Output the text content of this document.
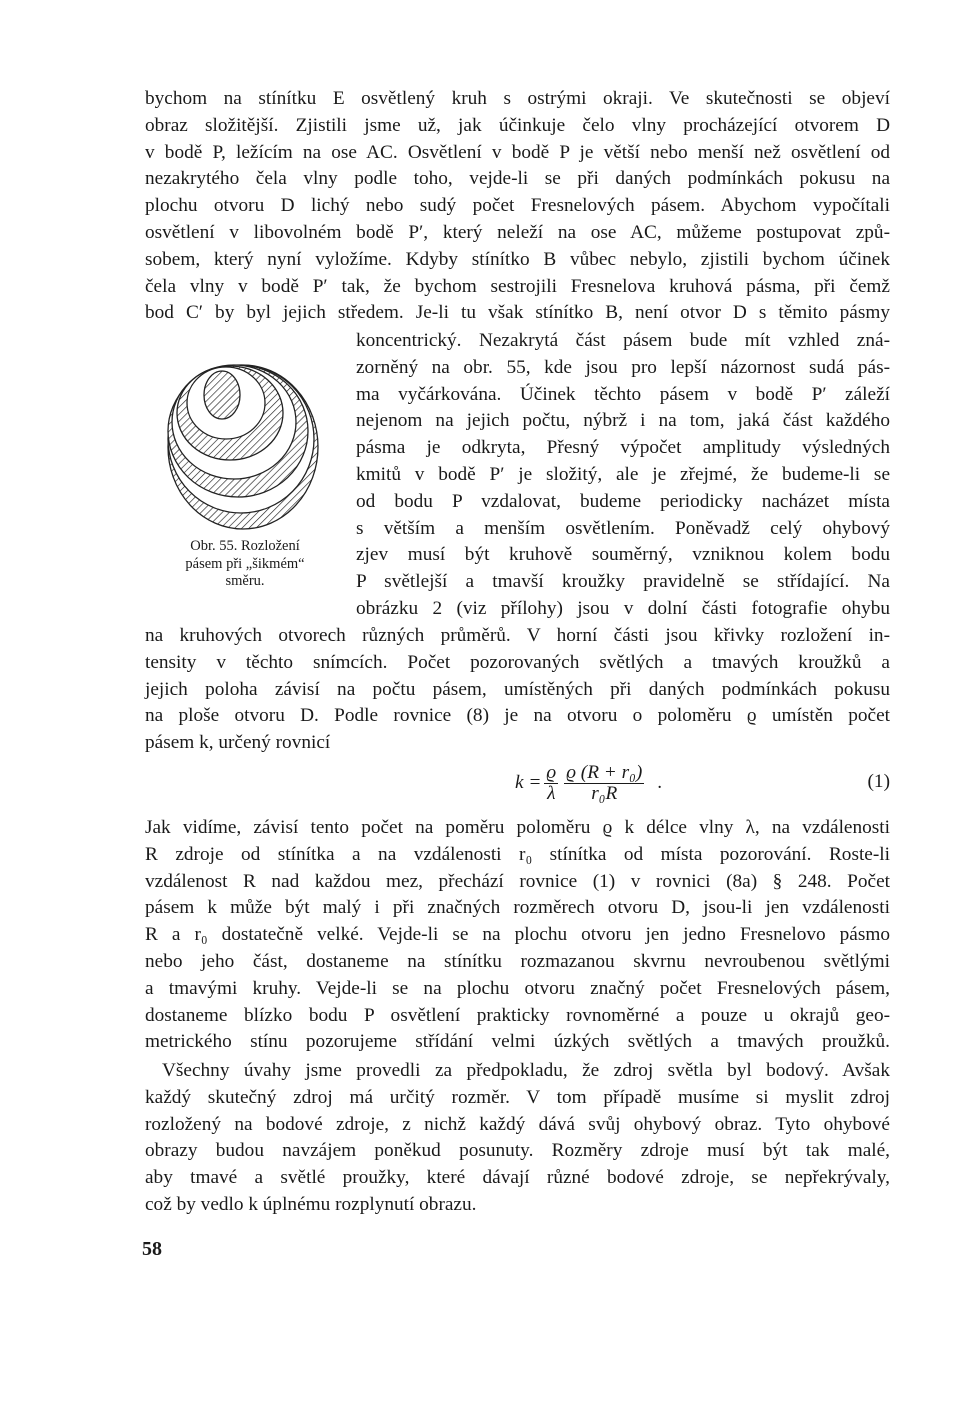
bychom na stínítku E osvětlený kruh s ostrými okraji. Ve skutečnosti se objeví
obraz složitější. Zjistili jsme už, jak účinkuje čelo vlny procházející otvorem D
v bodě P, ležícím na ose AC. Osvětlení v bodě P je větší nebo menší než osvětlení od
nezakrytého čela vlny podle toho, vejde-li se při daných podmínkách pokusu na
plochu otvoru D lichý nebo sudý počet Fresnelových pásem. Abychom vypočítali
osvětlení v libovolném bodě P′, který neleží na ose AC, můžeme postupovat způ-
sobem, který nyní vyložíme. Kdyby stínítko B vůbec nebylo, zjistili bychom účinek
čela vlny v bodě P′ tak, že bychom sestrojili Fresnelova kruhová pásma, při čemž
bod C′ by byl jejich středem. Je-li tu však stínítko B, není otvor D s těmito pásmy
koncentrický. Nezakrytá část pásem bude mít vzhled zná-
zorněný na obr. 55, kde jsou pro lepší názornost sudá pás-
ma vyčárkována. Účinek těchto pásem v bodě P′ záleží
nejenom na jejich počtu, nýbrž i na tom, jaká část každého
pásma je odkryta, Přesný výpočet amplitudy výsledných
kmitů v bodě P′ je složitý, ale je zřejmé, že budeme-li se
od bodu P vzdalovat, budeme periodicky nacházet místa
s větším a menším osvětlením. Poněvadž celý ohybový
zjev musí být kruhově souměrný, vzniknou kolem bodu
P světlejší a tmavší kroužky pravidelně se střídající. Na
obrázku 2 (viz přílohy) jsou v dolní části fotografie ohybu
Obr. 55. Rozložení
pásem při „šikmém“
směru.
na kruhových otvorech různých průměrů. V horní části jsou křivky rozložení in-
tensity v těchto snímcích. Počet pozorovaných světlých a tmavých kroužků a
jejich poloha závisí na počtu pásem, umístěných při daných podmínkách pokusu
na ploše otvoru D. Podle rovnice (8) je na otvoru o poloměru ϱ umístěn počet
pásem k, určený rovnicí
$k = \frac{ϱ}{\lambda} \frac{\text{ϱ (R + r₀)}}{\text{r₀R}}$ .	(1)
Jak vidíme, závisí tento počet na poměru poloměru ϱ k délce vlny λ, na vzdálenosti
R zdroje od stínítka a na vzdálenosti r₀ stínítka od místa pozorování. Roste-li
vzdálenost R nad každou mez, přechází rovnice (1) v rovnici (8a) § 248. Počet
pásem k může být malý i při značných rozměrech otvoru D, jsou-li jen vzdálenosti
R a r₀ dostatečně velké. Vejde-li se na plochu otvoru jen jedno Fresnelovo pásmo
nebo jeho část, dostaneme na stínítku rozmazanou skvrnu nevroubenou světlými
a tmavými kruhy. Vejde-li se na plochu otvoru značný počet Fresnelových pásem,
dostaneme blízko bodu P osvětlení prakticky rovnoměrné a pouze u okrajů geo-
metrického stínu pozorujeme střídání velmi úzkých světlých a tmavých proužků.
Všechny úvahy jsme provedli za předpokladu, že zdroj světla byl bodový. Avšak
každý skutečný zdroj má určitý rozměr. V tom případě musíme si myslit zdroj
rozložený na bodové zdroje, z nichž každý dává svůj ohybový obraz. Tyto ohybové
obrazy budou navzájem poněkud posunuty. Rozměry zdroje musí být tak malé,
aby tmavé a světlé proužky, které dávají různé bodové zdroje, se nepřekrývaly,
což by vedlo k úplnému rozplynutí obrazu.
58
